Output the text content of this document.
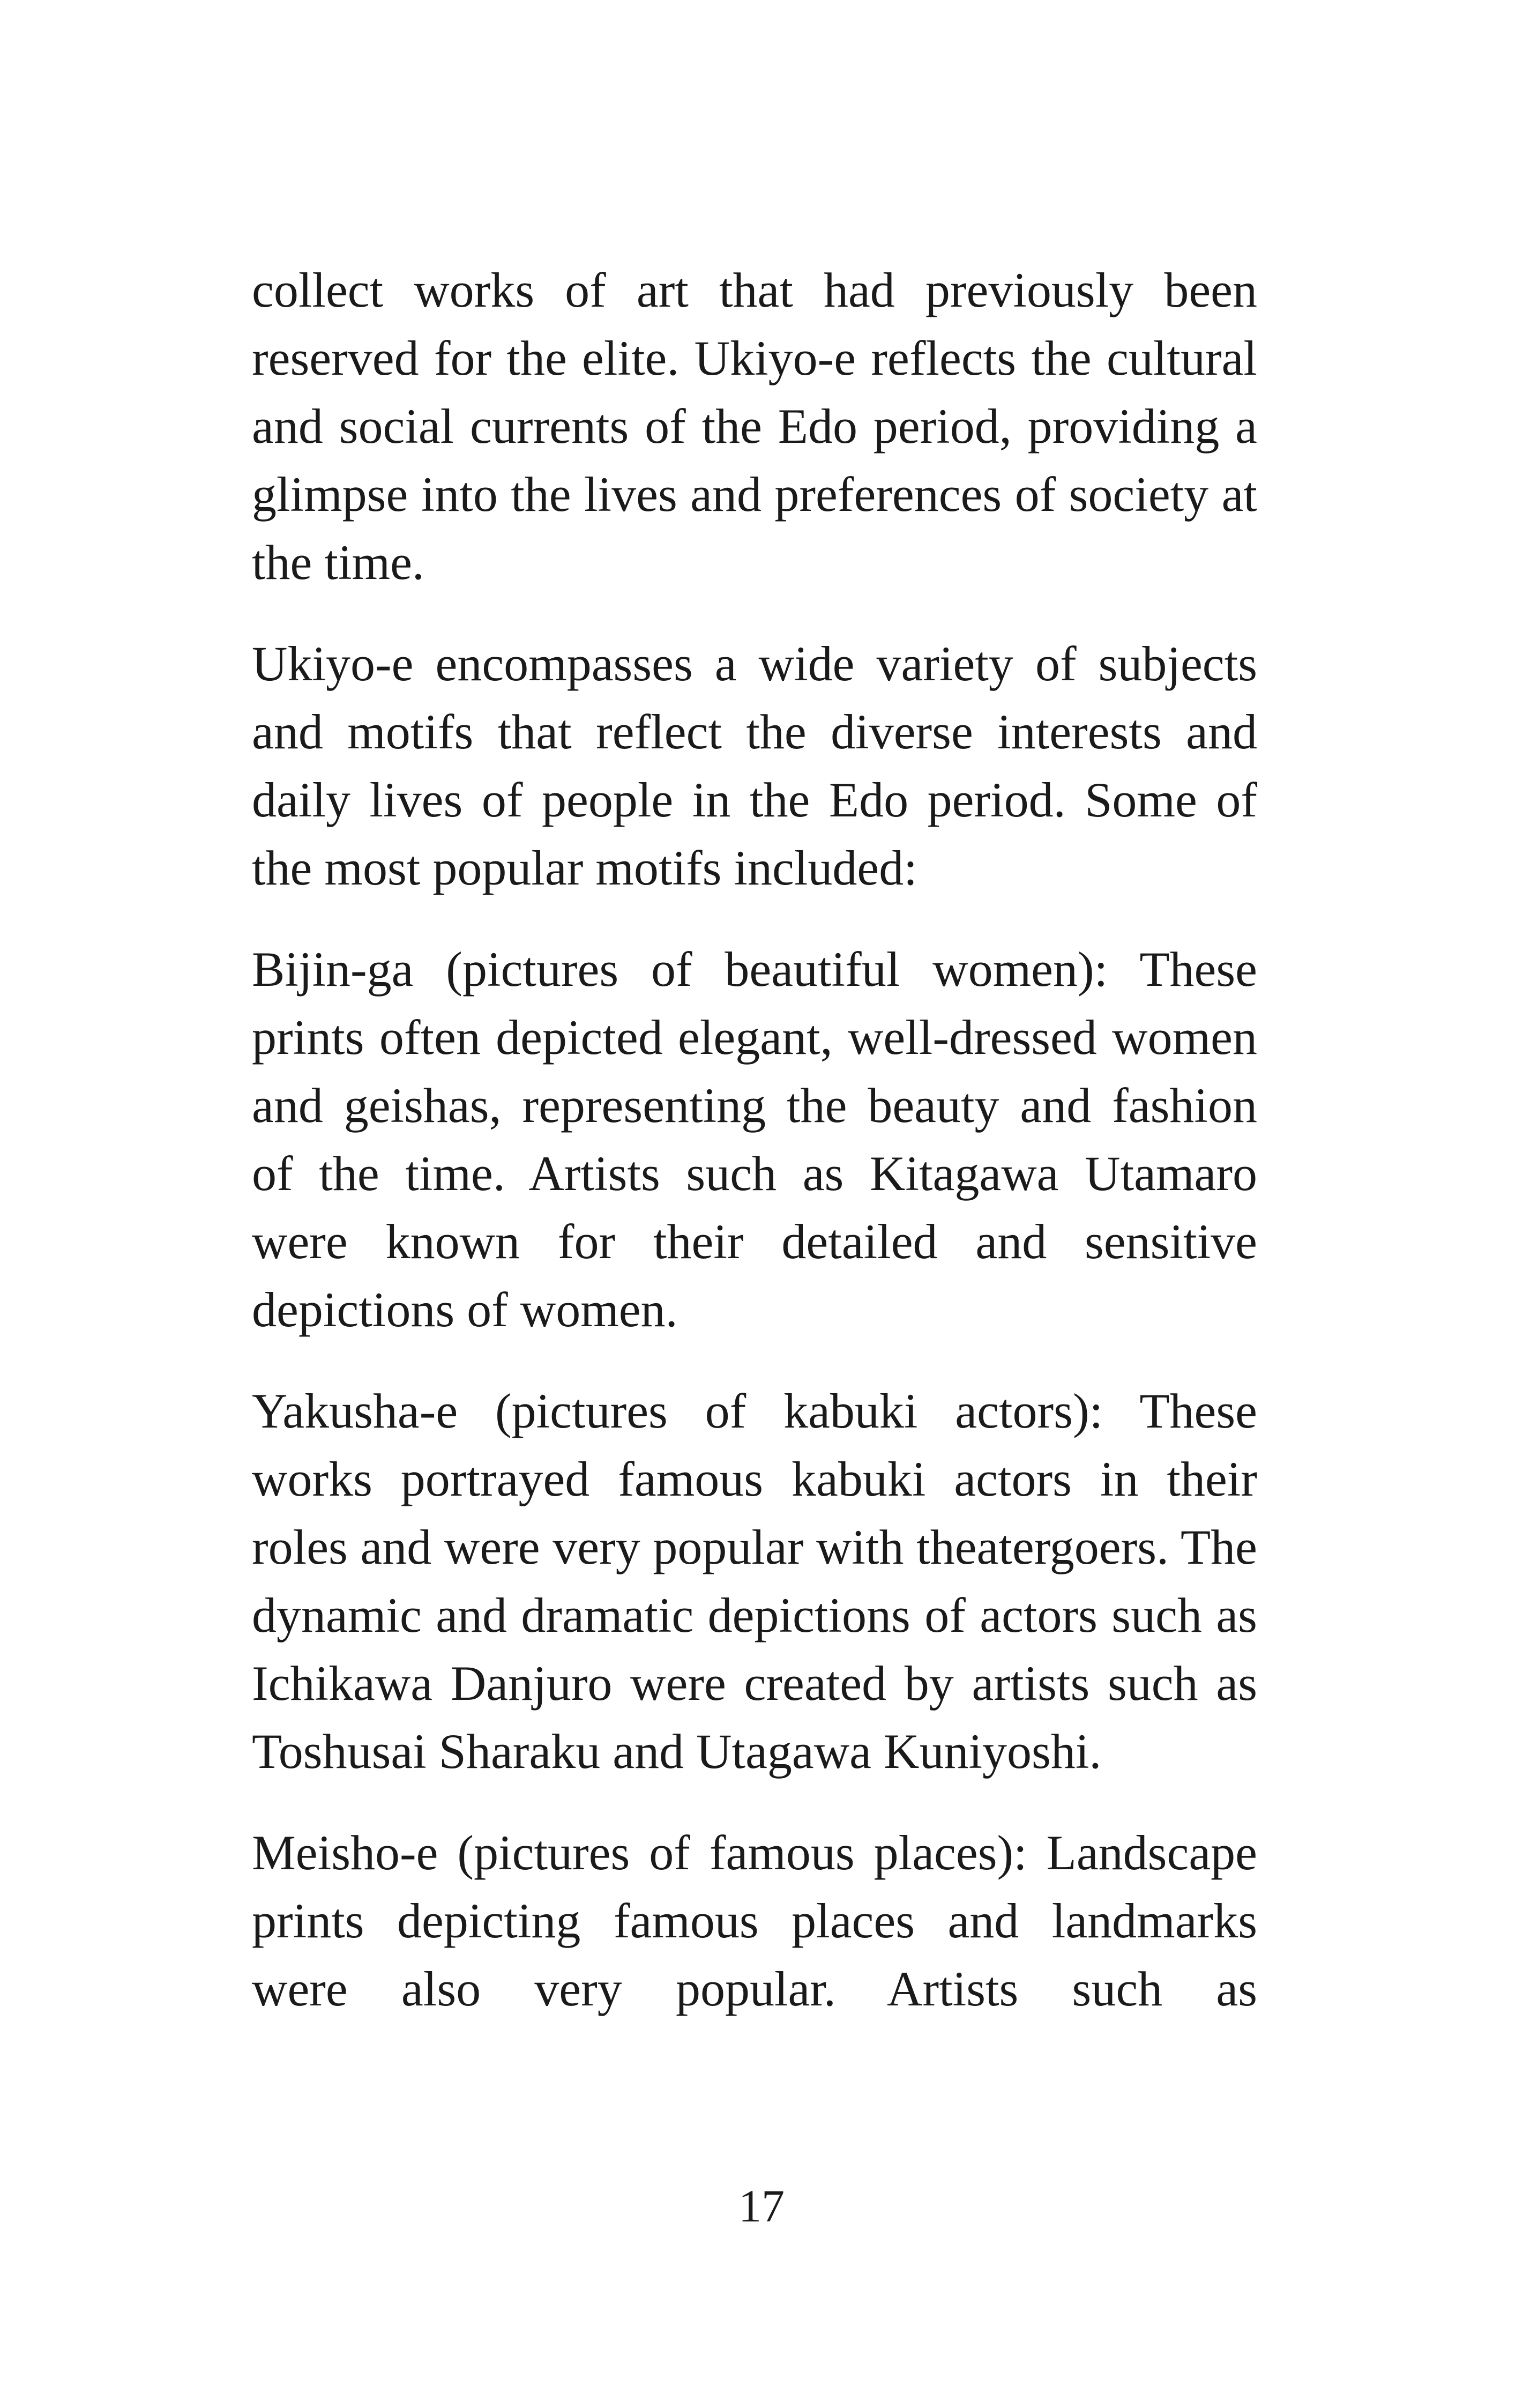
collect works of art that had previously been reserved for the elite. Ukiyo-e reflects the cultural and social currents of the Edo period, providing a glimpse into the lives and preferences of society at the time.

Ukiyo-e encompasses a wide variety of subjects and motifs that reflect the diverse interests and daily lives of people in the Edo period. Some of the most popular motifs included:

Bijin-ga (pictures of beautiful women): These prints often depicted elegant, well-dressed women and geishas, representing the beauty and fashion of the time. Artists such as Kitagawa Utamaro were known for their detailed and sensitive depictions of women.

Yakusha-e (pictures of kabuki actors): These works portrayed famous kabuki actors in their roles and were very popular with theatergoers. The dynamic and dramatic depictions of actors such as Ichikawa Danjuro were created by artists such as Toshusai Sharaku and Utagawa Kuniyoshi.

Meisho-e (pictures of famous places): Landscape prints depicting famous places and landmarks were also very popular. Artists such as

17
